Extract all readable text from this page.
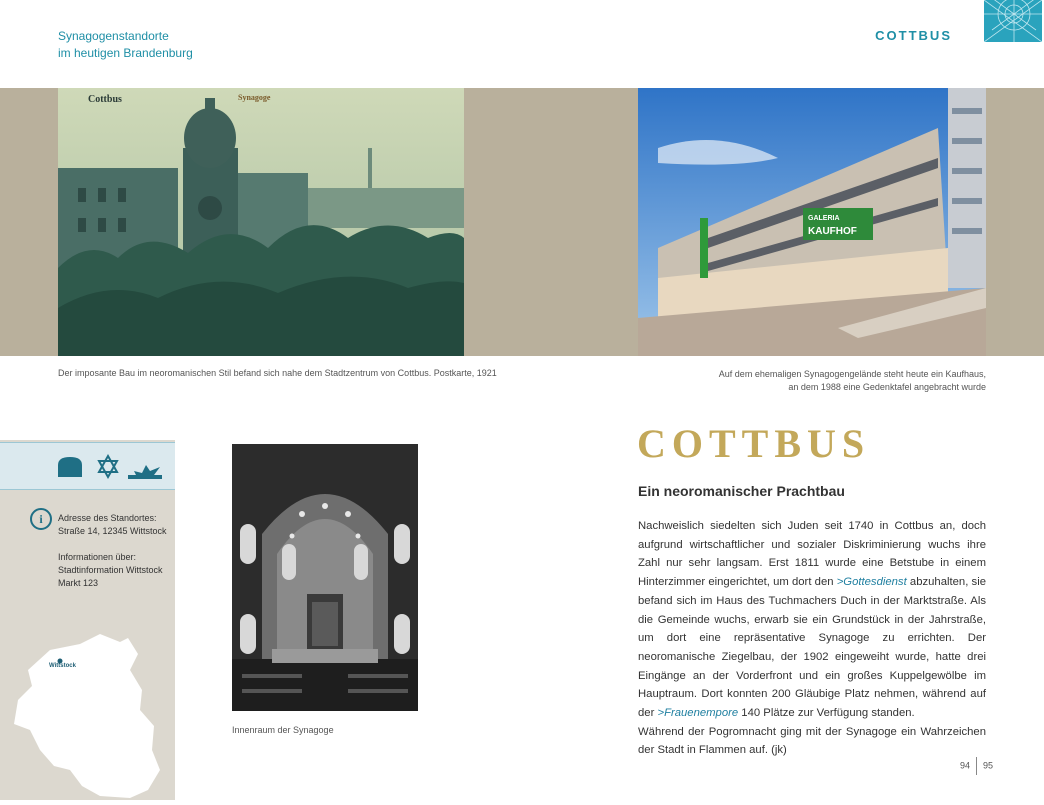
Synagogenstandorte
im heutigen Brandenburg
COTTBUS
Cottbus	Synagoge
GALERIA
KAUFHOF
Der imposante Bau im neoromanischen Stil befand sich nahe dem Stadtzentrum von Cottbus. Postkarte, 1921	Auf dem ehemaligen Synagogengelände steht heute ein Kaufhaus,
an dem 1988 eine Gedenktafel angebracht wurde
i	Adresse des Standortes:
Straße 14, 12345 Wittstock
Informationen über:
Stadtinformation Wittstock
Markt 123
Wittstock
Innenraum der Synagoge
COTTBUS
Ein neoromanischer Prachtbau
Nachweislich siedelten sich Juden seit 1740 in Cottbus an, doch aufgrund wirtschaftlicher und sozialer Diskriminierung wuchs ihre Zahl nur sehr langsam. Erst 1811 wurde eine Betstube in einem Hinterzimmer eingerichtet, um dort den >Gottesdienst abzuhalten, sie befand sich im Haus des Tuchmachers Duch in der Marktstraße. Als die Gemeinde wuchs, erwarb sie ein Grundstück in der Jahrstraße, um dort eine repräsentative Synagoge zu errichten. Der neoromanische Ziegelbau, der 1902 eingeweiht wurde, hatte drei Eingänge an der Vorderfront und ein großes Kuppelgewölbe im Hauptraum. Dort konnten 200 Gläubige Platz nehmen, während auf der >Frauenempore 140 Plätze zur Verfügung standen.
Während der Pogromnacht ging mit der Synagoge ein Wahrzeichen der Stadt in Flammen auf. (jk)
94 95
